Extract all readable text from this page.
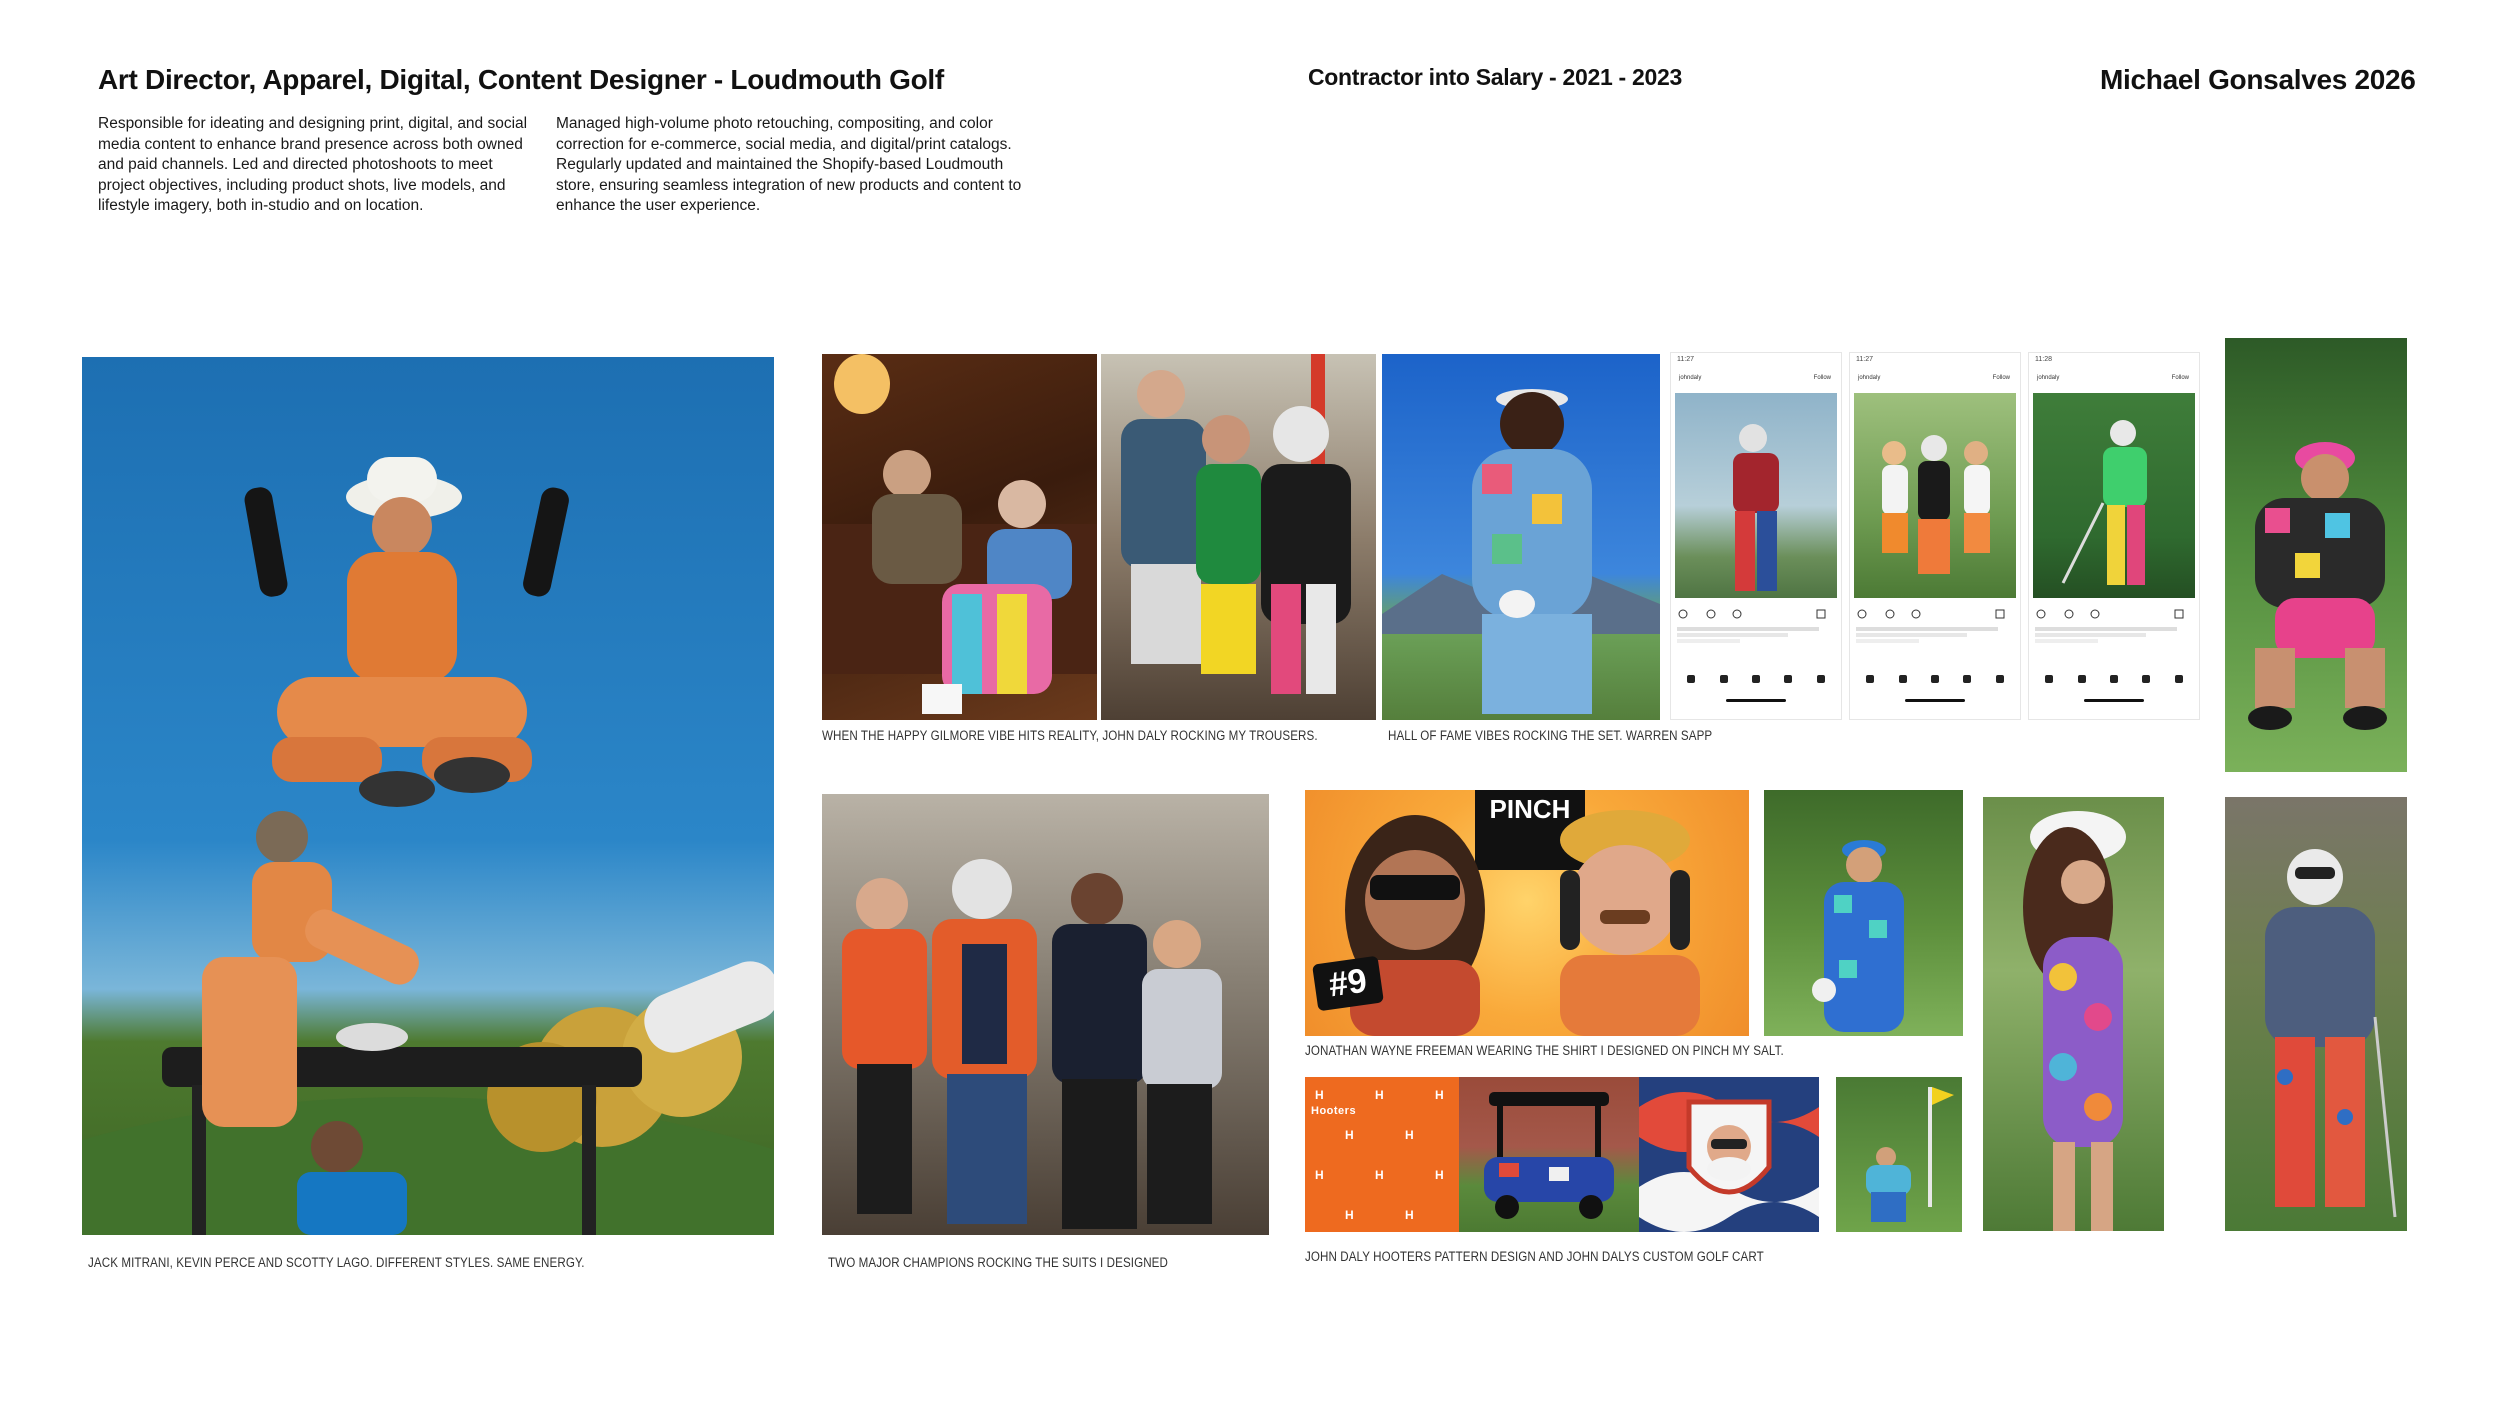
Art Director, Apparel, Digital, Content Designer - Loudmouth Golf	Contractor into Salary - 2021 - 2023	Michael Gonsalves 2026
Responsible for ideating and designing print, digital, and social media content to enhance brand presence across both owned and paid channels. Led and directed photoshoots to meet project objectives, including product shots, live models, and lifestyle imagery, both in-studio and on location.
Managed high-volume photo retouching, compositing, and color correction for e-commerce, social media, and digital/print catalogs. Regularly updated and maintained the Shopify-based Loudmouth store, ensuring seamless integration of new products and content to enhance the user experience.
JACK MITRANI, KEVIN PERCE AND SCOTTY LAGO. DIFFERENT STYLES. SAME ENERGY.
WHEN THE HAPPY GILMORE VIBE HITS REALITY, JOHN DALY ROCKING MY TROUSERS.	HALL OF FAME VIBES ROCKING THE SET. WARREN SAPP
11:27
johndaly	Follow
11:27
johndaly	Follow
11:28
johndaly	Follow
TWO MAJOR CHAMPIONS ROCKING THE SUITS I DESIGNED
PINCH
#9
JONATHAN WAYNE FREEMAN WEARING THE SHIRT I DESIGNED ON PINCH MY SALT.
H	H	H
H	H
H	H	H
H	H
Hooters
JOHN DALY HOOTERS PATTERN DESIGN AND JOHN DALYS CUSTOM GOLF CART
